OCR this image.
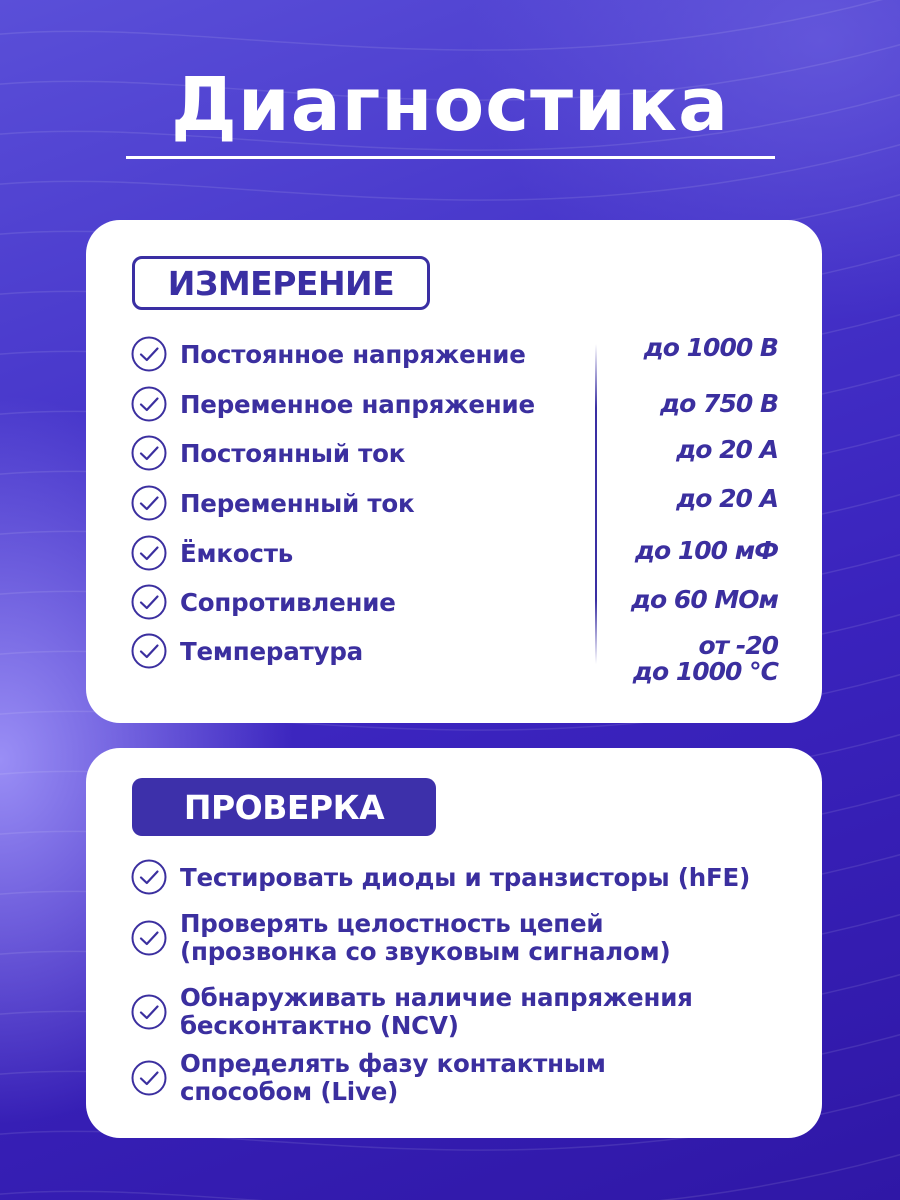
Диагностика
ИЗМЕРЕНИЕ
Постоянное напряжение	до 1000 В
Переменное напряжение	до 750 В
Постоянный ток	до 20 А
Переменный ток	до 20 А
Ёмкость	до 100 мФ
Сопротивление	до 60 МОм
Температура	от -20
до 1000 °С
ПРОВЕРКА
Тестировать диоды и транзисторы (hFE)
Проверять целостность цепей
(прозвонка со звуковым сигналом)
Обнаруживать наличие напряжения
бесконтактно (NCV)
Определять фазу контактным
способом (Live)
